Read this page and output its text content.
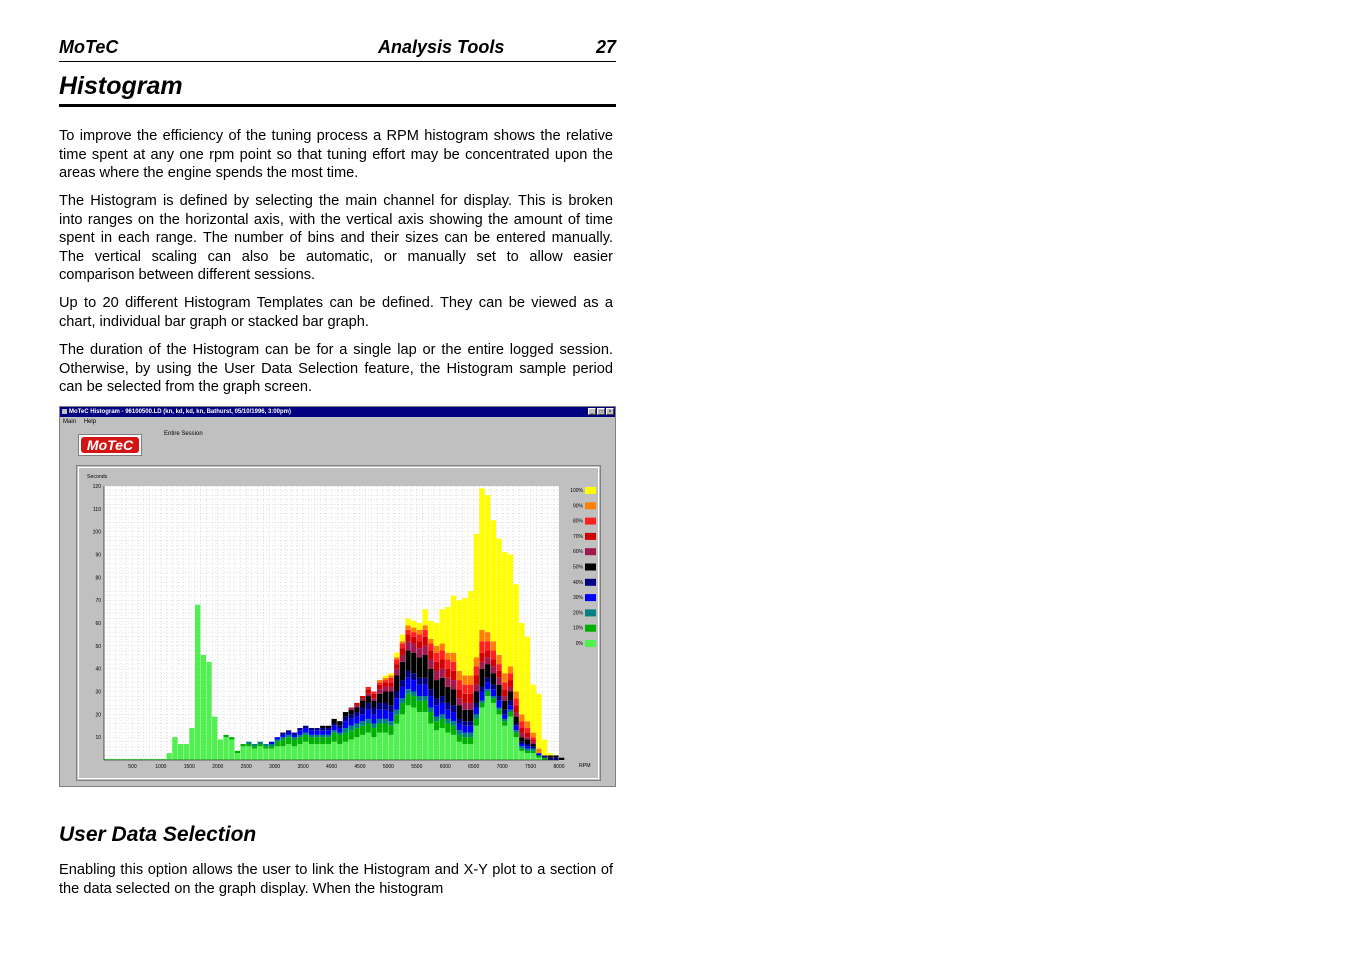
MoTeC	Analysis Tools	27
Histogram

To improve the efficiency of the tuning process a RPM histogram shows the relative time spent at any one rpm point so that tuning effort may be concentrated upon the areas where the engine spends the most time.

The Histogram is defined by selecting the main channel for display. This is broken into ranges on the horizontal axis, with the vertical axis showing the amount of time spent in each range. The number of bins and their sizes can be entered manually. The vertical scaling can also be automatic, or manually set to allow easier comparison between different sessions.

Up to 20 different Histogram Templates can be defined. They can be viewed as a chart, individual bar graph or stacked bar graph.

The duration of the Histogram can be for a single lap or the entire logged session. Otherwise, by using the User Data Selection feature, the Histogram sample period can be selected from the graph screen.

MoTeC Histogram - 96100500.LD (kn, kd, kd, kn, Bathurst, 05/10/1996, 3:00pm)	_	□	×
Main Help
MoTeC
Entire Session
10
20
30
40
50
60
70
80
90
100
110
120
500	1000	1500	2000	2500	3000	3500	4000	4500	5000	5500	6000	6500	7000	7500	8000
Seconds
RPM
100%
90%
80%
70%
60%
50%
40%
30%
20%
10%
0%
User Data Selection

Enabling this option allows the user to link the Histogram and X-Y plot to a section of the data selected on the graph display. When the histogram
